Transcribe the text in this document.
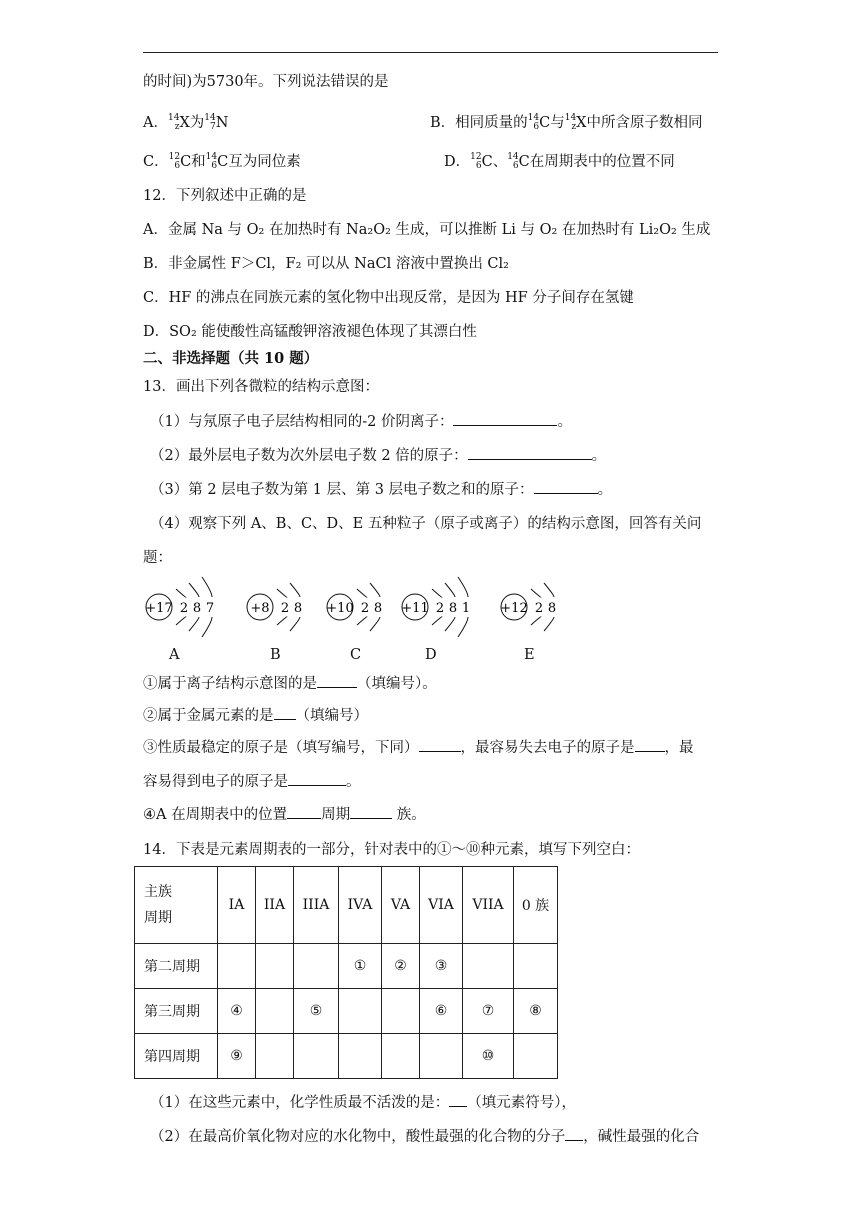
的时间)为5730年。下列说法错误的是
A． 14
z X为 14
7 N	B．相同质量的 14
6 C与 14
z X中所含原子数相同
C． 12
6 C和 14
6 C互为同位素	D． 12
6 C、 14
6 C在周期表中的位置不同
12．下列叙述中正确的是
A．金属 Na 与 O₂ 在加热时有 Na₂O₂ 生成，可以推断 Li 与 O₂ 在加热时有 Li₂O₂ 生成
B．非金属性 F＞Cl，F₂ 可以从 NaCl 溶液中置换出 Cl₂
C．HF 的沸点在同族元素的氢化物中出现反常，是因为 HF 分子间存在氢键
D．SO₂ 能使酸性高锰酸钾溶液褪色体现了其漂白性
二、非选择题（共 10 题）
13．画出下列各微粒的结构示意图：
（1）与氖原子电子层结构相同的-2 价阴离子：	。
（2）最外层电子数为次外层电子数 2 倍的原子：	。
（3）第 2 层电子数为第 1 层、第 3 层电子数之和的原子：	。
（4）观察下列 A、B、C、D、E 五种粒子（原子或离子）的结构示意图，回答有关问
题：
+17 2 8 7	+8 2 8 +10 2 8 +11 2 8 1 +12 2 8
A	B	C	D	E
①属于离子结构示意图的是	（填编号）。
②属于金属元素的是 （填编号）
③性质最稳定的原子是（填写编号，下同）	，最容易失去电子的原子是 ，最
容易得到电子的原子是	。
④A 在周期表中的位置 周期	族。
14．下表是元素周期表的一部分，针对表中的①～⑩种元素，填写下列空白：
主族
周期	IA	IIA	IIIA	IVA	VA	VIA	VIIA	0 族
第二周期				①	②	③		
第三周期	④		⑤			⑥	⑦	⑧
第四周期	⑨						⑩	
（1）在这些元素中，化学性质最不活泼的是： （填元素符号），
（2）在最高价氧化物对应的水化物中，酸性最强的化合物的分子 ，碱性最强的化合
